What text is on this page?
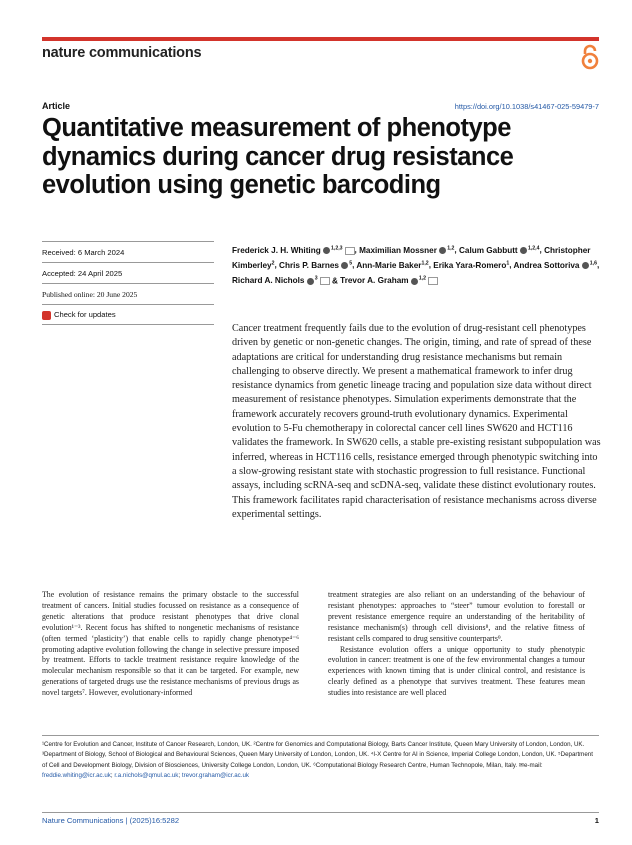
nature communications
Article	https://doi.org/10.1038/s41467-025-59479-7
Quantitative measurement of phenotype dynamics during cancer drug resistance evolution using genetic barcoding
Received: 6 March 2024
Accepted: 24 April 2025
Published online: 20 June 2025
Check for updates
Frederick J. H. Whiting $^{1,2,3}$ , Maximilian Mossner $^{1,2}$, Calum Gabbutt $^{1,2,4}$, Christopher Kimberley$^2$, Chris P. Barnes $^5$, Ann-Marie Baker$^{1,2}$, Erika Yara-Romero$^1$, Andrea Sottoriva $^{1,6}$, Richard A. Nichols $^3$ & Trevor A. Graham $^{1,2}$
Cancer treatment frequently fails due to the evolution of drug-resistant cell phenotypes driven by genetic or non-genetic changes. The origin, timing, and rate of spread of these adaptations are critical for understanding drug resistance mechanisms but remain challenging to observe directly. We present a mathematical framework to infer drug resistance dynamics from genetic lineage tracing and population size data without direct measurement of resistance phenotypes. Simulation experiments demonstrate that the framework accurately recovers ground-truth evolutionary dynamics. Experimental evolution to 5-Fu chemotherapy in colorectal cancer cell lines SW620 and HCT116 validates the framework. In SW620 cells, a stable pre-existing resistant subpopulation was inferred, whereas in HCT116 cells, resistance emerged through phenotypic switching into a slow-growing resistant state with stochastic progression to full resistance. Functional assays, including scRNA-seq and scDNA-seq, validate these distinct evolutionary routes. This framework facilitates rapid characterisation of resistance mechanisms across diverse experimental settings.

The evolution of resistance remains the primary obstacle to the successful treatment of cancers. Initial studies focussed on resistance as a consequence of genetic alterations that produce resistant phenotypes that drive clonal evolution¹⁻³. Recent focus has shifted to nongenetic mechanisms of resistance (often termed ‘plasticity’) that enable cells to rapidly change phenotype⁴⁻⁶ promoting adaptive evolution following the change in selective pressure imposed by treatment. Efforts to tackle treatment resistance require knowledge of the molecular mechanism responsible so that it can be targeted. For example, new generations of targeted drugs use the resistance mechanisms of previous drugs as novel targets⁷. However, evolutionary-informed

treatment strategies are also reliant on an understanding of the behaviour of resistant phenotypes: approaches to “steer” tumour evolution to forestall or prevent resistance emergence require an understanding of the heritability of resistance mechanism(s) through cell divisions⁸, and the relative fitness of resistant cells compared to drug sensitive counterparts⁹.

Resistance evolution offers a unique opportunity to study phenotypic evolution in cancer: treatment is one of the few environmental changes a tumour experiences with known timing that is under clinical control, and resistance is clearly defined as a phenotype that survives treatment. These features mean studies into resistance are well placed

¹Centre for Evolution and Cancer, Institute of Cancer Research, London, UK. ²Centre for Genomics and Computational Biology, Barts Cancer Institute, Queen Mary University of London, London, UK. ³Department of Biology, School of Biological and Behavioural Sciences, Queen Mary University of London, London, UK. ⁴I-X Centre for AI in Science, Imperial College London, London, UK. ⁵Department of Cell and Development Biology, Division of Biosciences, University College London, London, UK. ⁶Computational Biology Research Centre, Human Technopole, Milan, Italy. ✉e-mail: freddie.whiting@icr.ac.uk; r.a.nichols@qmul.ac.uk; trevor.graham@icr.ac.uk
Nature Communications | (2025)16:5282	1
